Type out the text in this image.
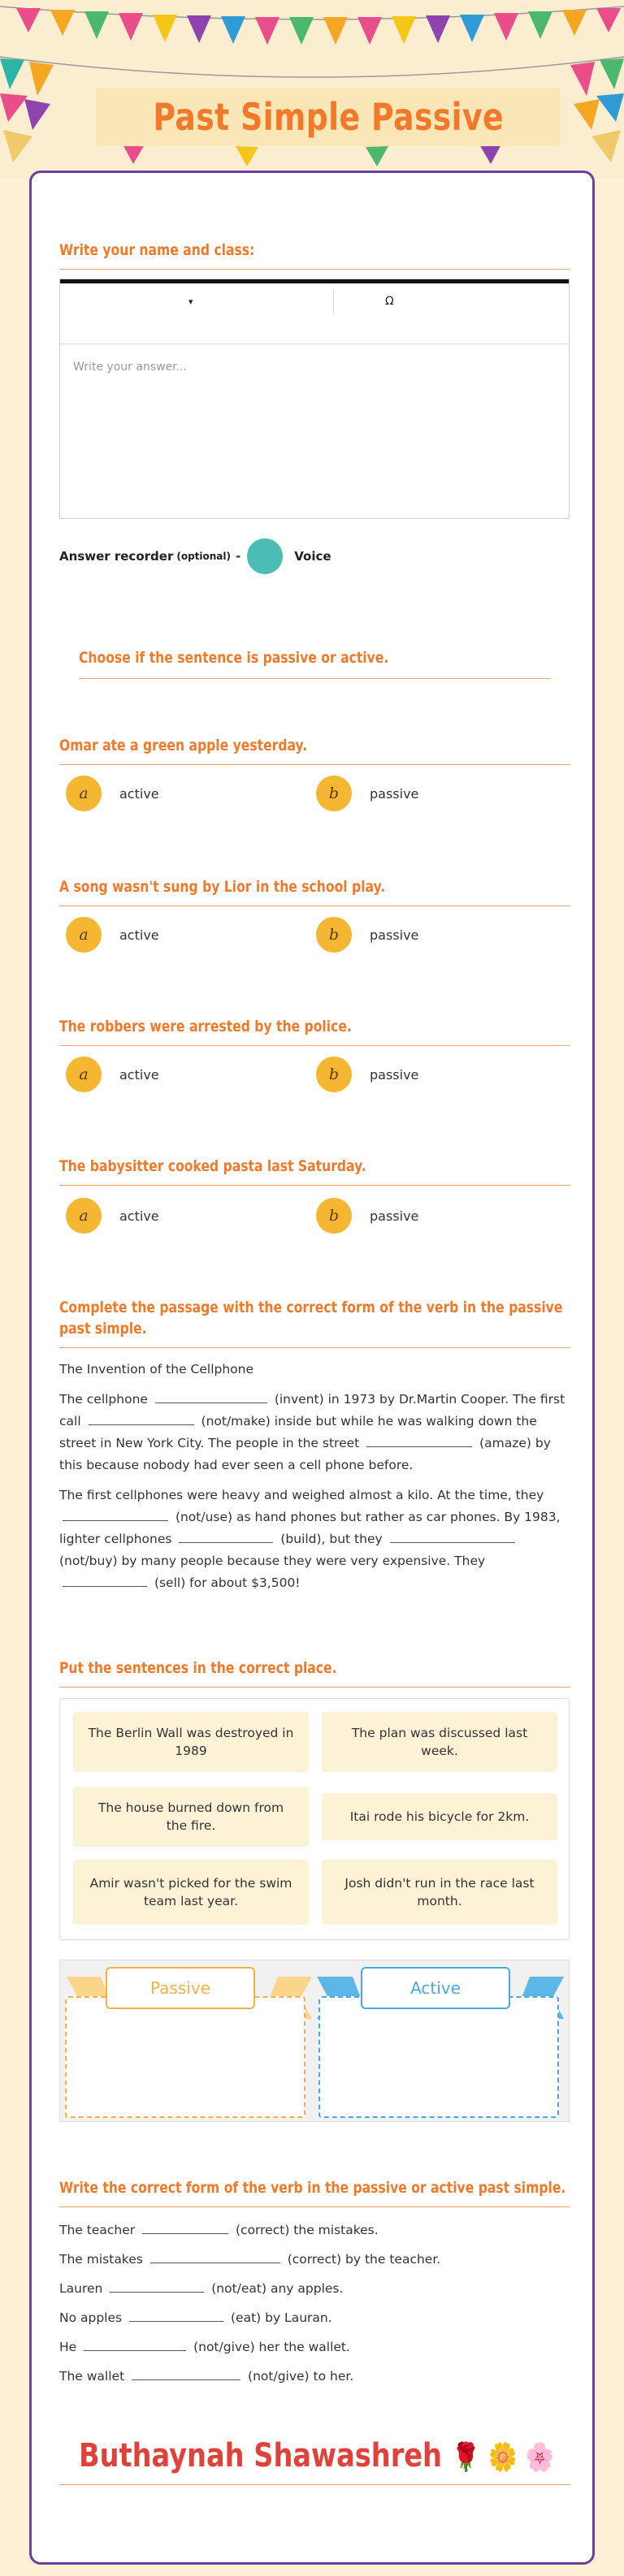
Past Simple Passive
Write your name and class:
▾	Ω
Write your answer...
Answer recorder (optional) -	Voice
Choose if the sentence is passive or active.
Omar ate a green apple yesterday.
a	active	b	passive
A song wasn't sung by Lior in the school play.
a	active	b	passive
The robbers were arrested by the police.
a	active	b	passive
The babysitter cooked pasta last Saturday.
a	active	b	passive
Complete the passage with the correct form of the verb in the passive past simple.

The Invention of the Cellphone

The cellphone	(invent) in 1973 by Dr.Martin Cooper. The first call	(not/make) inside but while he was walking down the street in New York City. The people in the street	(amaze) by this because nobody had ever seen a cell phone before.

The first cellphones were heavy and weighed almost a kilo. At the time, they  (not/use) as hand phones but rather as car phones. By 1983, lighter cellphones	(build), but they  (not/buy) by many people because they were very expensive. They  (sell) for about $3,500!

Put the sentences in the correct place.
The Berlin Wall was destroyed in 1989
The plan was discussed last week.
The house burned down from the fire.
Itai rode his bicycle for 2km.
Amir wasn't picked for the swim team last year.
Josh didn't run in the race last month.
Passive	Active
Write the correct form of the verb in the passive or active past simple.
The teacher	(correct) the mistakes.
The mistakes	(correct) by the teacher.
Lauren	(not/eat) any apples.
No apples	(eat) by Lauran.
He	(not/give) her the wallet.
The wallet	(not/give) to her.
Buthaynah Shawashreh 🌹 🌼 🌸
